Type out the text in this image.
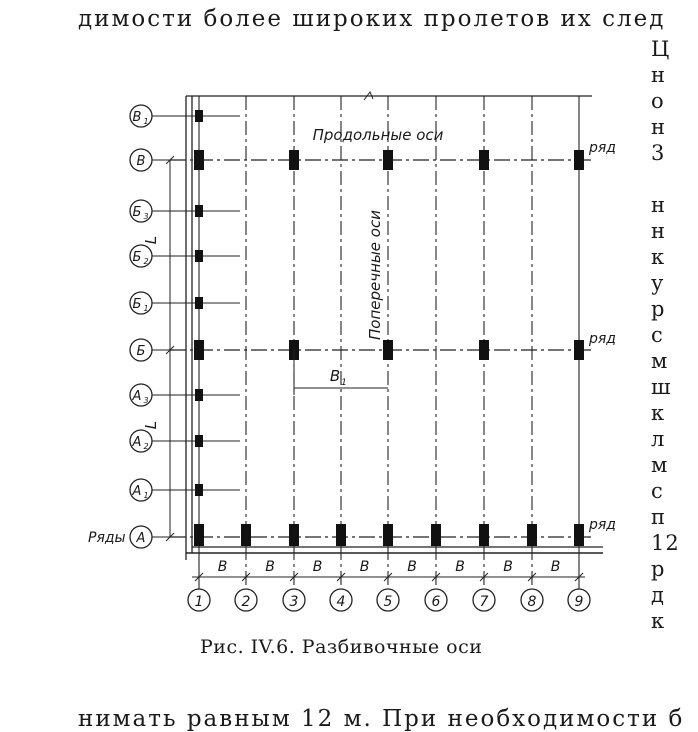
димости более широких пролетов их след
Ц
н
о
н
3
н
н
к
у
р
с
м
ш
к
л
м
с
п
12
р
д
к
В 1
В
Б 3
Б 2
Б 1
Б
А 3
А 2
А 1
А
1	2	3	4	5	6	7	8	9
B	B	B	B	B	B	B	B
B 1
L
L
Продольные оси
Поперечные оси
ряд
ряд
ряд
Ряды
Рис. IV.6. Разбивочные оси
нимать равным 12 м. При необходимости б
